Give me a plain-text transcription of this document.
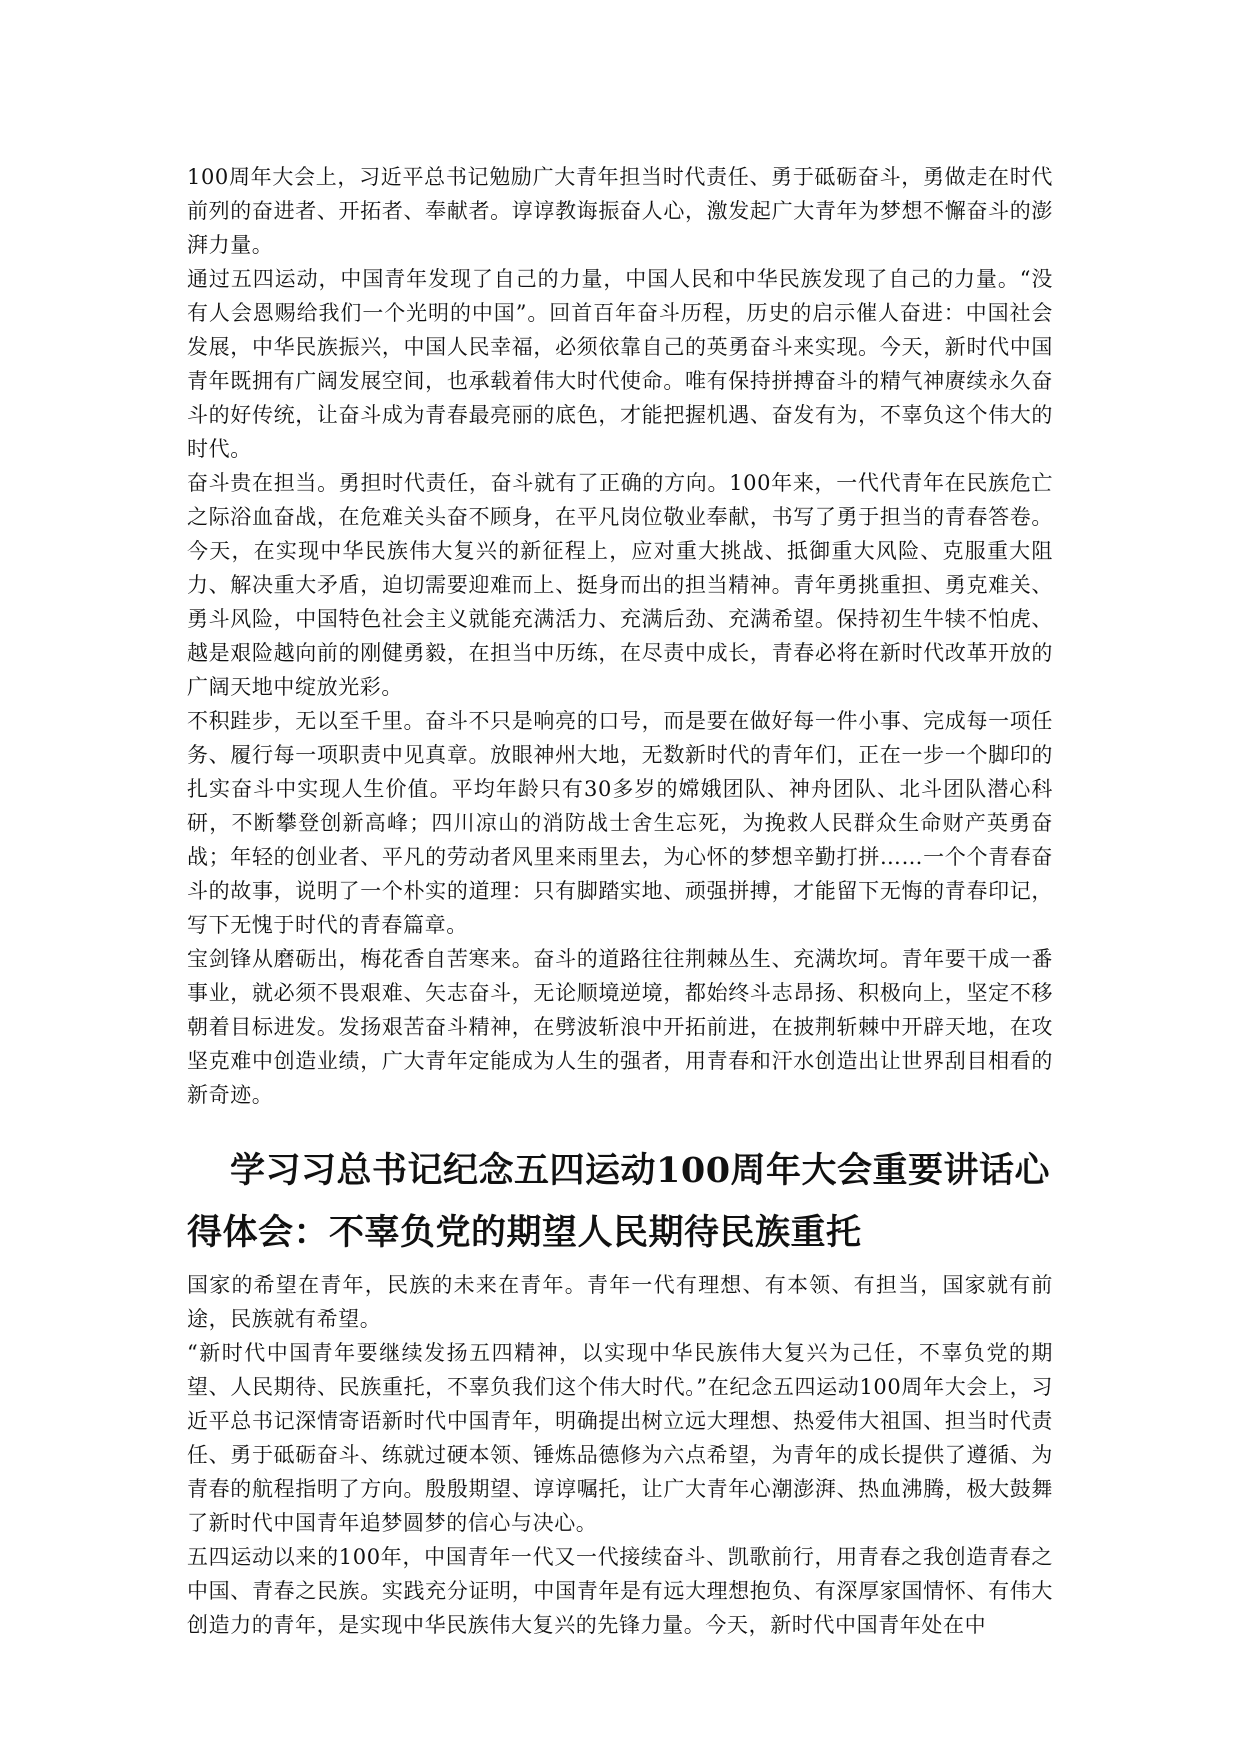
100周年大会上，习近平总书记勉励广大青年担当时代责任、勇于砥砺奋斗，勇做走在时代前列的奋进者、开拓者、奉献者。谆谆教诲振奋人心，激发起广大青年为梦想不懈奋斗的澎湃力量。

通过五四运动，中国青年发现了自己的力量，中国人民和中华民族发现了自己的力量。“没有人会恩赐给我们一个光明的中国”。回首百年奋斗历程，历史的启示催人奋进：中国社会发展，中华民族振兴，中国人民幸福，必须依靠自己的英勇奋斗来实现。今天，新时代中国青年既拥有广阔发展空间，也承载着伟大时代使命。唯有保持拼搏奋斗的精气神赓续永久奋斗的好传统，让奋斗成为青春最亮丽的底色，才能把握机遇、奋发有为，不辜负这个伟大的时代。

奋斗贵在担当。勇担时代责任，奋斗就有了正确的方向。100年来，一代代青年在民族危亡之际浴血奋战，在危难关头奋不顾身，在平凡岗位敬业奉献，书写了勇于担当的青春答卷。今天，在实现中华民族伟大复兴的新征程上，应对重大挑战、抵御重大风险、克服重大阻力、解决重大矛盾，迫切需要迎难而上、挺身而出的担当精神。青年勇挑重担、勇克难关、勇斗风险，中国特色社会主义就能充满活力、充满后劲、充满希望。保持初生牛犊不怕虎、越是艰险越向前的刚健勇毅，在担当中历练，在尽责中成长，青春必将在新时代改革开放的广阔天地中绽放光彩。

不积跬步，无以至千里。奋斗不只是响亮的口号，而是要在做好每一件小事、完成每一项任务、履行每一项职责中见真章。放眼神州大地，无数新时代的青年们，正在一步一个脚印的扎实奋斗中实现人生价值。平均年龄只有30多岁的嫦娥团队、神舟团队、北斗团队潜心科研，不断攀登创新高峰；四川凉山的消防战士舍生忘死，为挽救人民群众生命财产英勇奋战；年轻的创业者、平凡的劳动者风里来雨里去，为心怀的梦想辛勤打拼……一个个青春奋斗的故事，说明了一个朴实的道理：只有脚踏实地、顽强拼搏，才能留下无悔的青春印记，写下无愧于时代的青春篇章。

宝剑锋从磨砺出，梅花香自苦寒来。奋斗的道路往往荆棘丛生、充满坎坷。青年要干成一番事业，就必须不畏艰难、矢志奋斗，无论顺境逆境，都始终斗志昂扬、积极向上，坚定不移朝着目标进发。发扬艰苦奋斗精神，在劈波斩浪中开拓前进，在披荆斩棘中开辟天地，在攻坚克难中创造业绩，广大青年定能成为人生的强者，用青春和汗水创造出让世界刮目相看的新奇迹。

学习习总书记纪念五四运动100周年大会重要讲话心得体会：不辜负党的期望人民期待民族重托

国家的希望在青年，民族的未来在青年。青年一代有理想、有本领、有担当，国家就有前途，民族就有希望。

“新时代中国青年要继续发扬五四精神，以实现中华民族伟大复兴为己任，不辜负党的期望、人民期待、民族重托，不辜负我们这个伟大时代。”在纪念五四运动100周年大会上，习近平总书记深情寄语新时代中国青年，明确提出树立远大理想、热爱伟大祖国、担当时代责任、勇于砥砺奋斗、练就过硬本领、锤炼品德修为六点希望，为青年的成长提供了遵循、为青春的航程指明了方向。殷殷期望、谆谆嘱托，让广大青年心潮澎湃、热血沸腾，极大鼓舞了新时代中国青年追梦圆梦的信心与决心。

五四运动以来的100年，中国青年一代又一代接续奋斗、凯歌前行，用青春之我创造青春之中国、青春之民族。实践充分证明，中国青年是有远大理想抱负、有深厚家国情怀、有伟大创造力的青年，是实现中华民族伟大复兴的先锋力量。今天，新时代中国青年处在中
